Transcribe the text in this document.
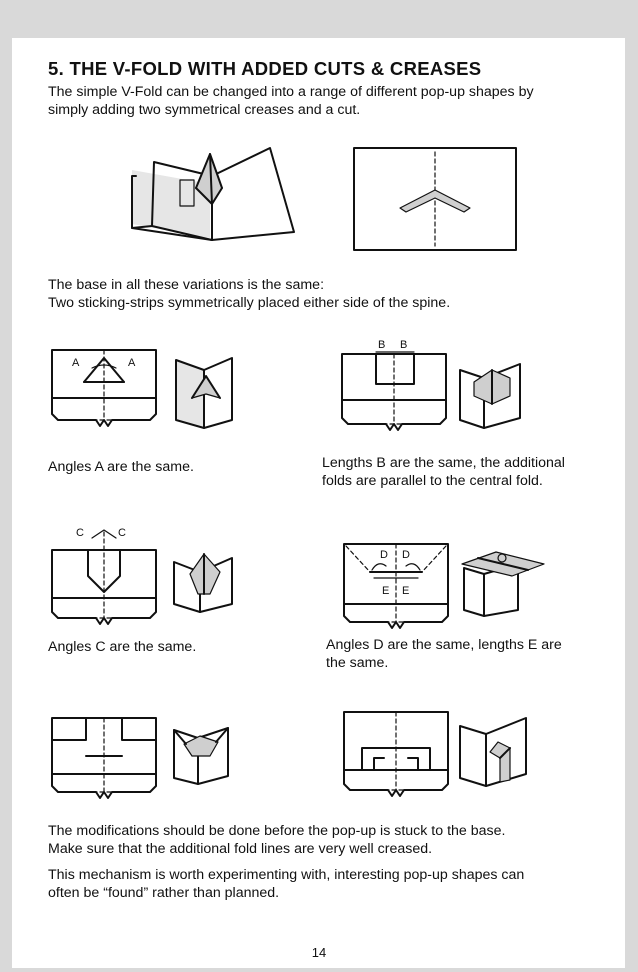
5. THE V-FOLD WITH ADDED CUTS & CREASES

The simple V-Fold can be changed into a range of different pop-up shapes by

simply adding two symmetrical creases and a cut.

The base in all these variations is the same:

Two sticking-strips symmetrically placed either side of the spine.

A	A
B B

Angles A are the same.	Lengths B are the same, the additional

folds are parallel to the central fold.

C	C
D D
E E

Angles C are the same.	Angles D are the same, lengths E are

the same.

The modifications should be done before the pop-up is stuck to the base.

Make sure that the additional fold lines are very well creased.

This mechanism is worth experimenting with, interesting pop-up shapes can

often be “found” rather than planned.

14
